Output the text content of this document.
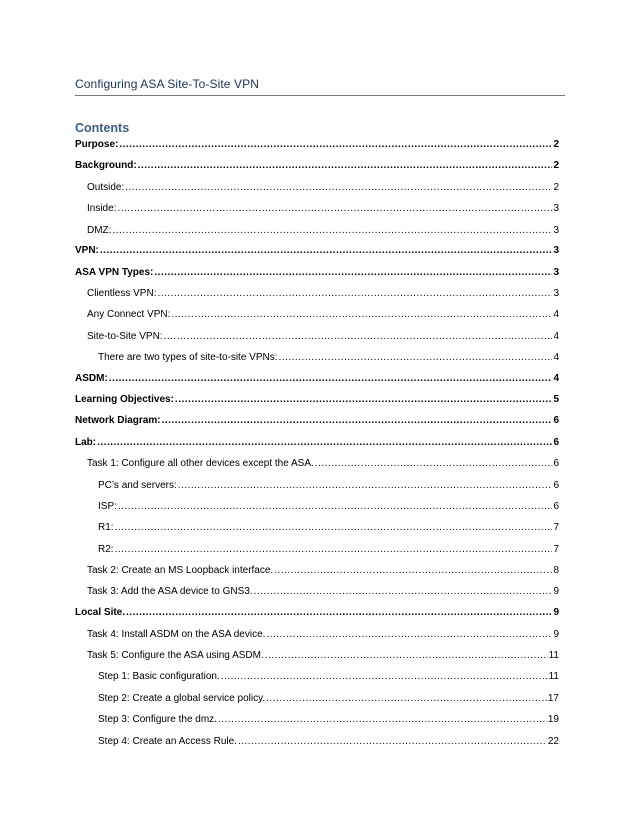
Configuring ASA Site-To-Site VPN
Contents
Purpose: .....	2
Background: .....	2
Outside: .....	2
Inside: .....	3
DMZ: .....	3
VPN: .....	3
ASA VPN Types: .....	3
Clientless VPN: .....	3
Any Connect VPN: .....	4
Site-to-Site VPN: .....	4
There are two types of site-to-site VPNs: .....	4
ASDM: .....	4
Learning Objectives: .....	5
Network Diagram: .....	6
Lab: .....	6
Task 1: Configure all other devices except the ASA. .....	6
PC’s and servers: .....	6
ISP: .....	6
R1: .....	7
R2: .....	7
Task 2: Create an MS Loopback interface. .....	8
Task 3: Add the ASA device to GNS3. .....	9
Local Site. .....	9
Task 4: Install ASDM on the ASA device. .....	9
Task 5: Configure the ASA using ASDM. .....	11
Step 1: Basic configuration. .....	11
Step 2: Create a global service policy. .....	17
Step 3: Configure the dmz. .....	19
Step 4: Create an Access Rule. .....	22
